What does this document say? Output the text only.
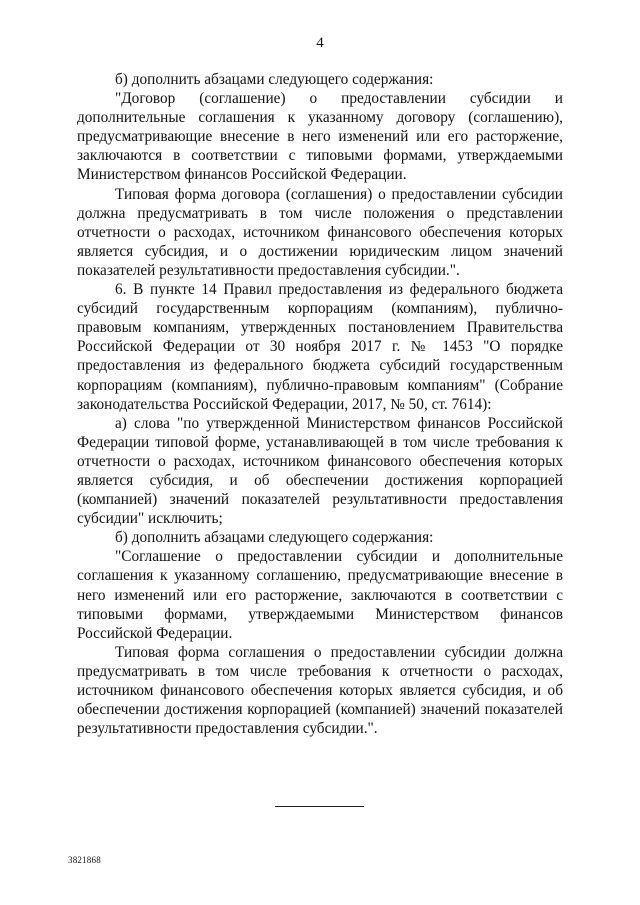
4

б) дополнить абзацами следующего содержания:

"Договор (соглашение) о предоставлении субсидии и дополнительные соглашения к указанному договору (соглашению), предусматривающие внесение в него изменений или его расторжение, заключаются в соответствии с типовыми формами, утверждаемыми Министерством финансов Российской Федерации.

Типовая форма договора (соглашения) о предоставлении субсидии должна предусматривать в том числе положения о представлении отчетности о расходах, источником финансового обеспечения которых является субсидия, и о достижении юридическим лицом значений показателей результативности предоставления субсидии.".

6. В пункте 14 Правил предоставления из федерального бюджета субсидий государственным корпорациям (компаниям), публично-правовым компаниям, утвержденных постановлением Правительства Российской Федерации от 30 ноября 2017 г. № 1453 "О порядке предоставления из федерального бюджета субсидий государственным корпорациям (компаниям), публично-правовым компаниям" (Собрание законодательства Российской Федерации, 2017, № 50, ст. 7614):

а) слова "по утвержденной Министерством финансов Российской Федерации типовой форме, устанавливающей в том числе требования к отчетности о расходах, источником финансового обеспечения которых является субсидия, и об обеспечении достижения корпорацией (компанией) значений показателей результативности предоставления субсидии" исключить;

б) дополнить абзацами следующего содержания:

"Соглашение о предоставлении субсидии и дополнительные соглашения к указанному соглашению, предусматривающие внесение в него изменений или его расторжение, заключаются в соответствии с типовыми формами, утверждаемыми Министерством финансов Российской Федерации.

Типовая форма соглашения о предоставлении субсидии должна предусматривать в том числе требования к отчетности о расходах, источником финансового обеспечения которых является субсидия, и об обеспечении достижения корпорацией (компанией) значений показателей результативности предоставления субсидии.".

3821868
